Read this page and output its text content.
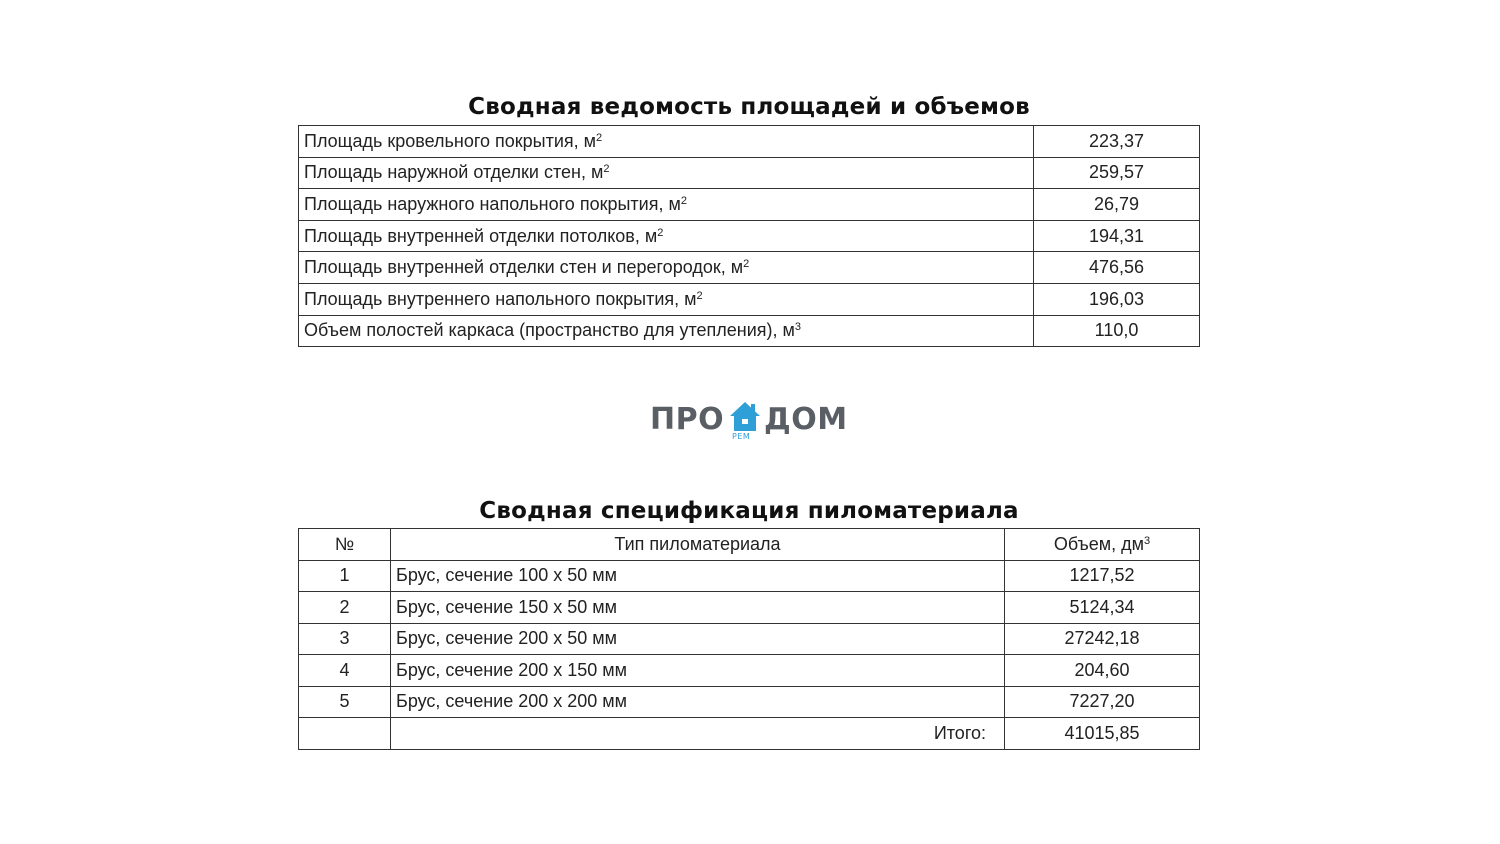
Сводная ведомость площадей и объемов
Площадь кровельного покрытия, $м^2$	223,37
Площадь наружной отделки стен, $м^2$	259,57
Площадь наружного напольного покрытия, $м^2$	26,79
Площадь внутренней отделки потолков, $м^2$	194,31
Площадь внутренней отделки стен и перегородок, $м^2$	476,56
Площадь внутреннего напольного покрытия, $м^2$	196,03
Объем полостей каркаса (пространство для утепления), $м^3$	110,0
ПРО РЕМ ДОМ
Сводная спецификация пиломатериала
№	Тип пиломатериала	Объем, $дм^3$
1	Брус, сечение 100 х 50 мм	1217,52
2	Брус, сечение 150 х 50 мм	5124,34
3	Брус, сечение 200 х 50 мм	27242,18
4	Брус, сечение 200 х 150 мм	204,60
5	Брус, сечение 200 х 200 мм	7227,20
	Итого:	41015,85
